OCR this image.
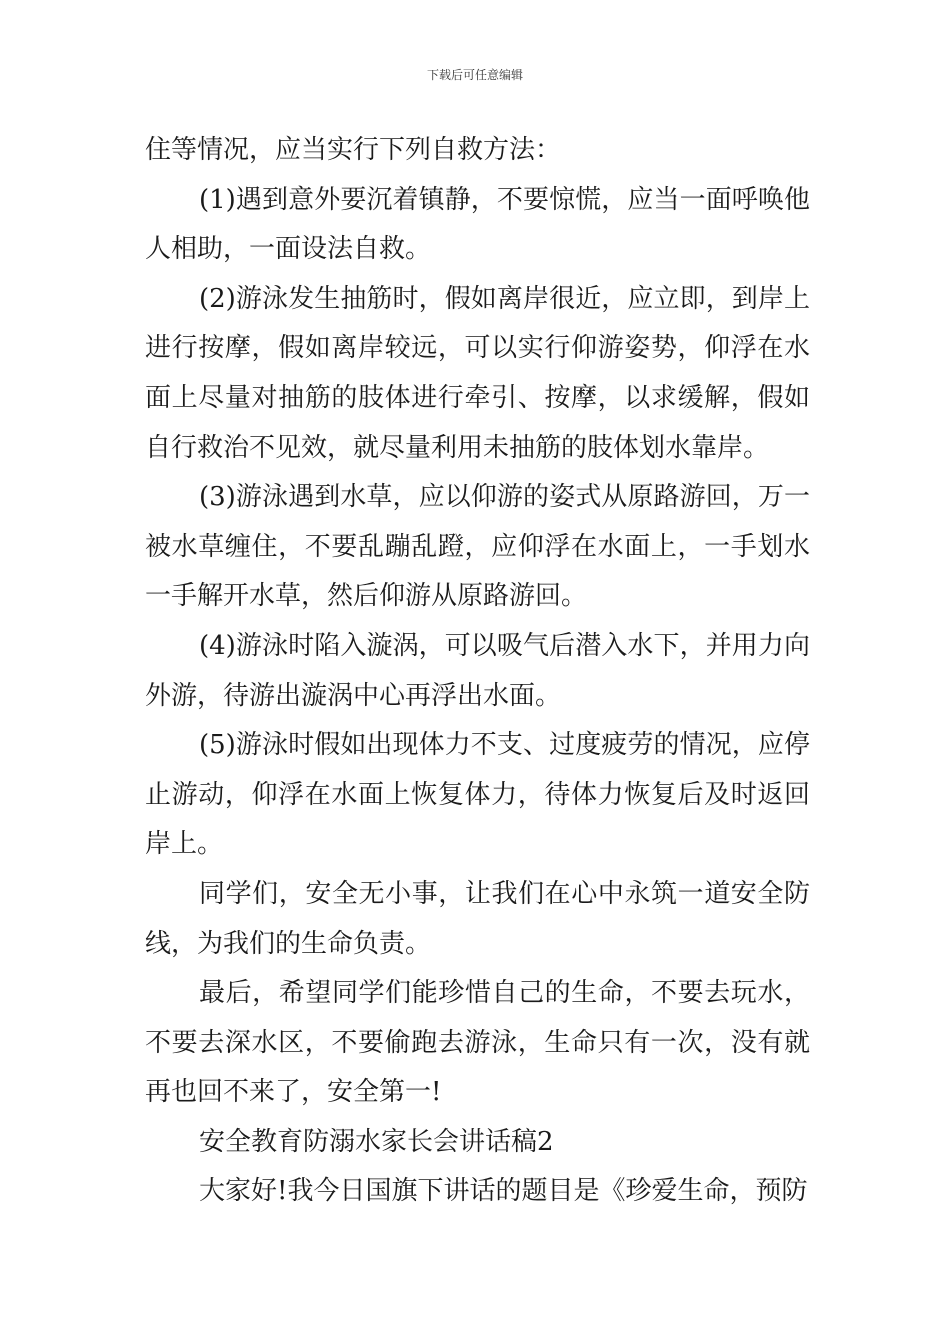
下载后可任意编辑

住等情况，应当实行下列自救方法：

(1)遇到意外要沉着镇静，不要惊慌，应当一面呼唤他人相助，一面设法自救。

(2)游泳发生抽筋时，假如离岸很近，应立即，到岸上进行按摩，假如离岸较远，可以实行仰游姿势，仰浮在水面上尽量对抽筋的肢体进行牵引、按摩，以求缓解，假如自行救治不见效，就尽量利用未抽筋的肢体划水靠岸。

(3)游泳遇到水草，应以仰游的姿式从原路游回，万一被水草缠住，不要乱蹦乱蹬，应仰浮在水面上，一手划水一手解开水草，然后仰游从原路游回。

(4)游泳时陷入漩涡，可以吸气后潜入水下，并用力向外游，待游出漩涡中心再浮出水面。

(5)游泳时假如出现体力不支、过度疲劳的情况，应停止游动，仰浮在水面上恢复体力，待体力恢复后及时返回岸上。

同学们，安全无小事，让我们在心中永筑一道安全防线，为我们的生命负责。

最后，希望同学们能珍惜自己的生命，不要去玩水，不要去深水区，不要偷跑去游泳，生命只有一次，没有就再也回不来了，安全第一!

安全教育防溺水家长会讲话稿2

大家好!我今日国旗下讲话的题目是《珍爱生命，预防
